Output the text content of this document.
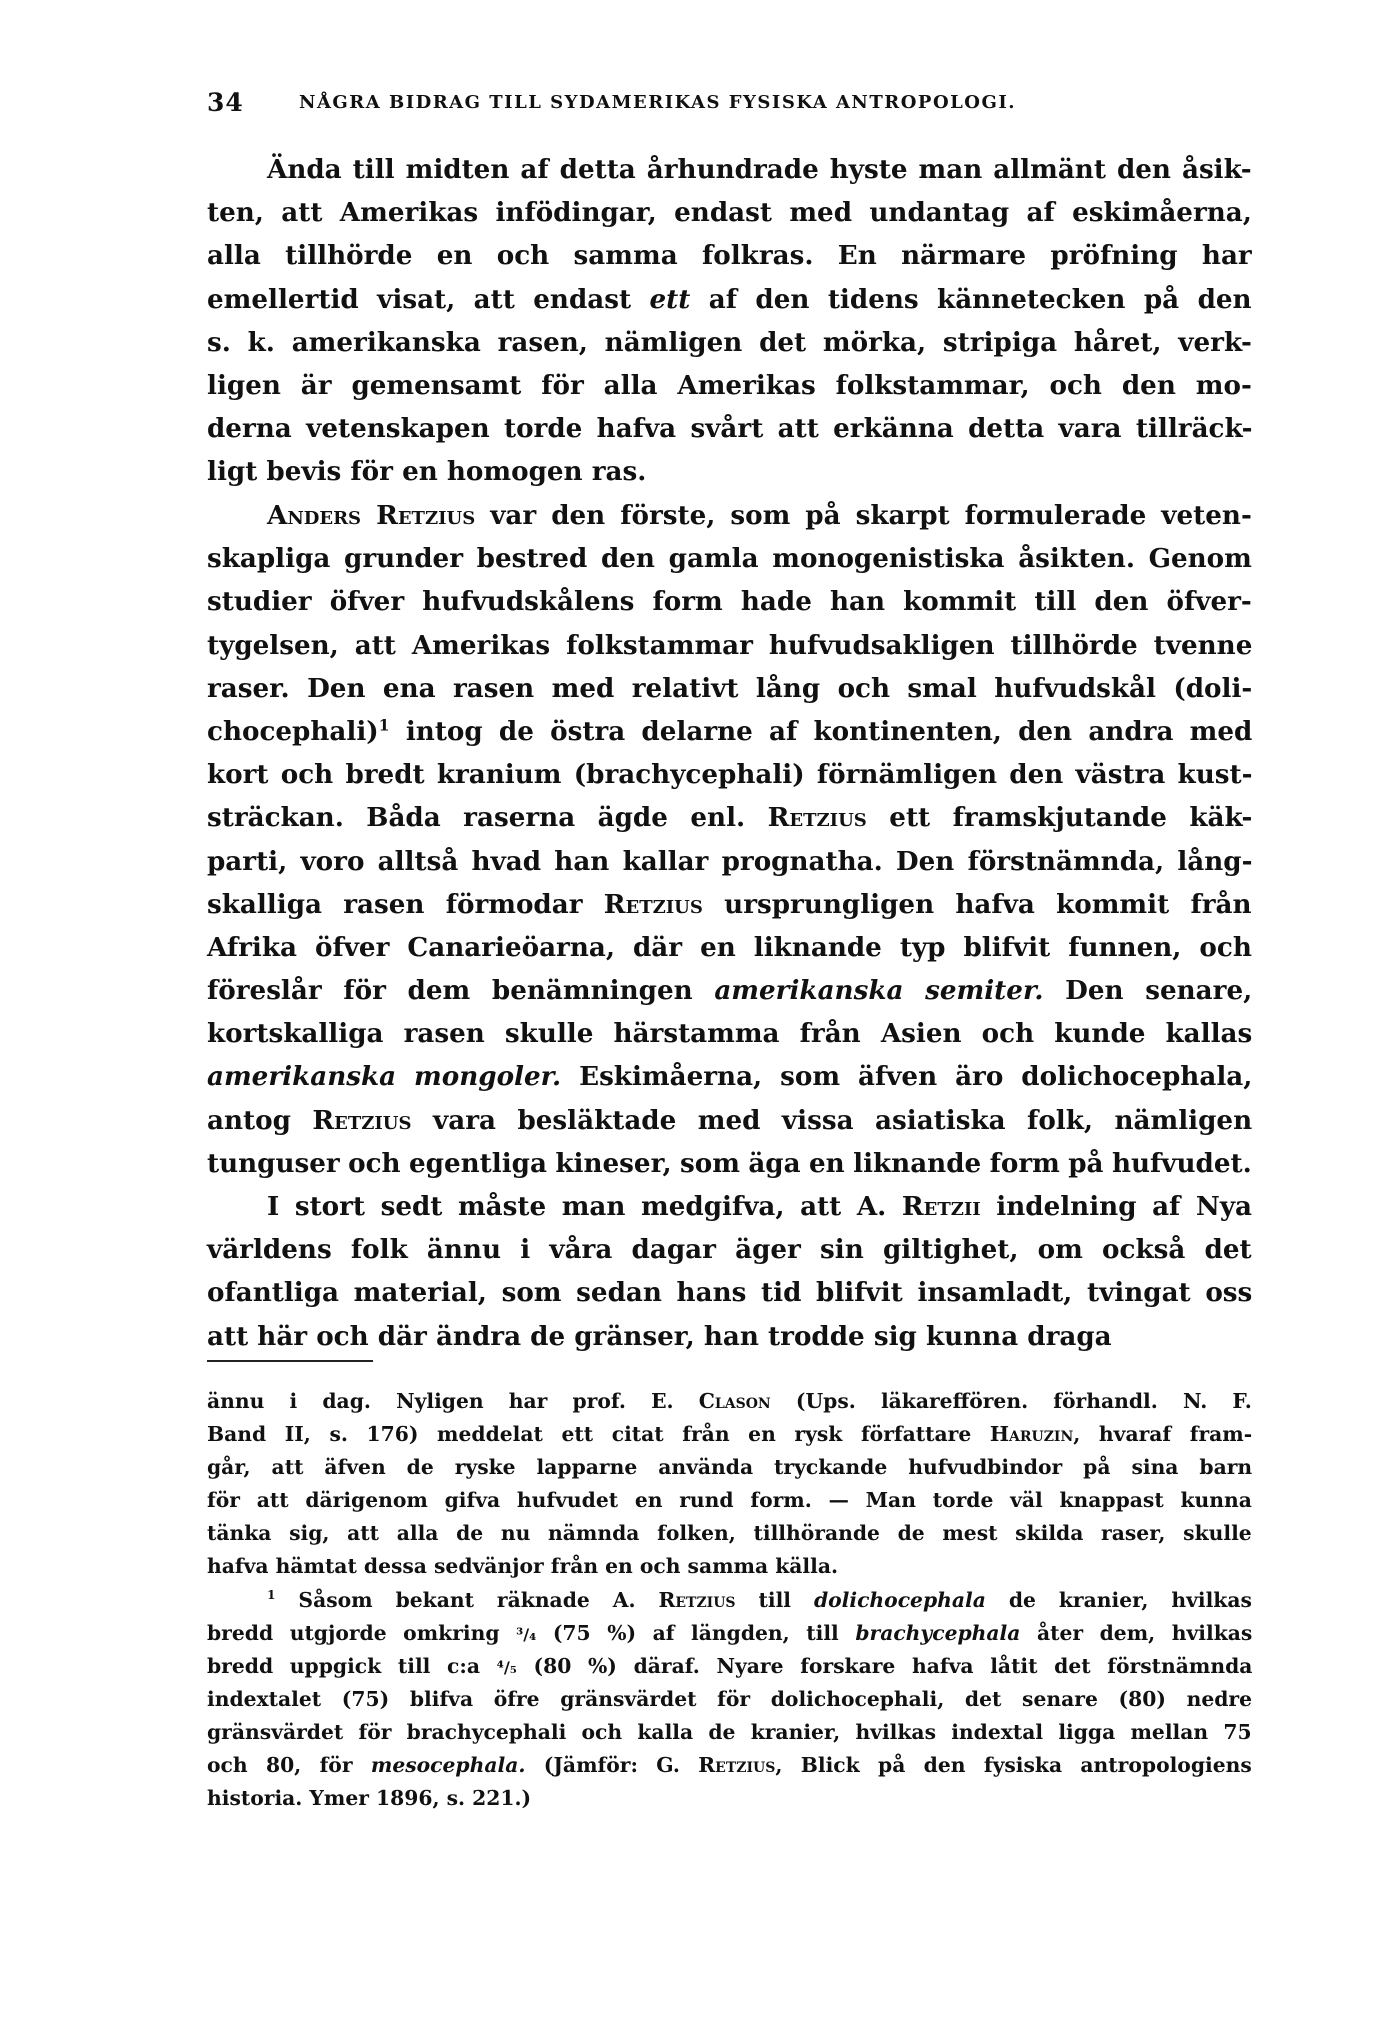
34	NÅGRA BIDRAG TILL SYDAMERIKAS FYSISKA ANTROPOLOGI.
Ända till midten af detta århundrade hyste man allmänt den åsik-
ten, att Amerikas infödingar, endast med undantag af eskimåerna,
alla tillhörde en och samma folkras. En närmare pröfning har
emellertid visat, att endast ett af den tidens kännetecken på den
s. k. amerikanska rasen, nämligen det mörka, stripiga håret, verk-
ligen är gemensamt för alla Amerikas folkstammar, och den mo-
derna vetenskapen torde hafva svårt att erkänna detta vara tillräck-
ligt bevis för en homogen ras.
Anders Retzius var den förste, som på skarpt formulerade veten-
skapliga grunder bestred den gamla monogenistiska åsikten. Genom
studier öfver hufvudskålens form hade han kommit till den öfver-
tygelsen, att Amerikas folkstammar hufvudsakligen tillhörde tvenne
raser. Den ena rasen med relativt lång och smal hufvudskål (doli-
chocephali)$^1$ intog de östra delarne af kontinenten, den andra med
kort och bredt kranium (brachycephali) förnämligen den västra kust-
sträckan. Båda raserna ägde enl. Retzius ett framskjutande käk-
parti, voro alltså hvad han kallar prognatha. Den förstnämnda, lång-
skalliga rasen förmodar Retzius ursprungligen hafva kommit från
Afrika öfver Canarieöarna, där en liknande typ blifvit funnen, och
föreslår för dem benämningen amerikanska semiter. Den senare,
kortskalliga rasen skulle härstamma från Asien och kunde kallas
amerikanska mongoler. Eskimåerna, som äfven äro dolichocephala,
antog Retzius vara besläktade med vissa asiatiska folk, nämligen
tunguser och egentliga kineser, som äga en liknande form på hufvudet.
I stort sedt måste man medgifva, att A. Retzii indelning af Nya
världens folk ännu i våra dagar äger sin giltighet, om också det
ofantliga material, som sedan hans tid blifvit insamladt, tvingat oss
att här och där ändra de gränser, han trodde sig kunna draga
ännu i dag. Nyligen har prof. E. Clason (Ups. läkareffören. förhandl. N. F.
Band II, s. 176) meddelat ett citat från en rysk författare Haruzin, hvaraf fram-
går, att äfven de ryske lapparne använda tryckande hufvudbindor på sina barn
för att därigenom gifva hufvudet en rund form. — Man torde väl knappast kunna
tänka sig, att alla de nu nämnda folken, tillhörande de mest skilda raser, skulle
hafva hämtat dessa sedvänjor från en och samma källa.
$^1$ Såsom bekant räknade A. Retzius till dolichocephala de kranier, hvilkas
bredd utgjorde omkring ³/₄ (75 %) af längden, till brachycephala åter dem, hvilkas
bredd uppgick till c:a ⁴/₅ (80 %) däraf. Nyare forskare hafva låtit det förstnämnda
indextalet (75) blifva öfre gränsvärdet för dolichocephali, det senare (80) nedre
gränsvärdet för brachycephali och kalla de kranier, hvilkas indextal ligga mellan 75
och 80, för mesocephala. (Jämför: G. Retzius, Blick på den fysiska antropologiens
historia. Ymer 1896, s. 221.)
